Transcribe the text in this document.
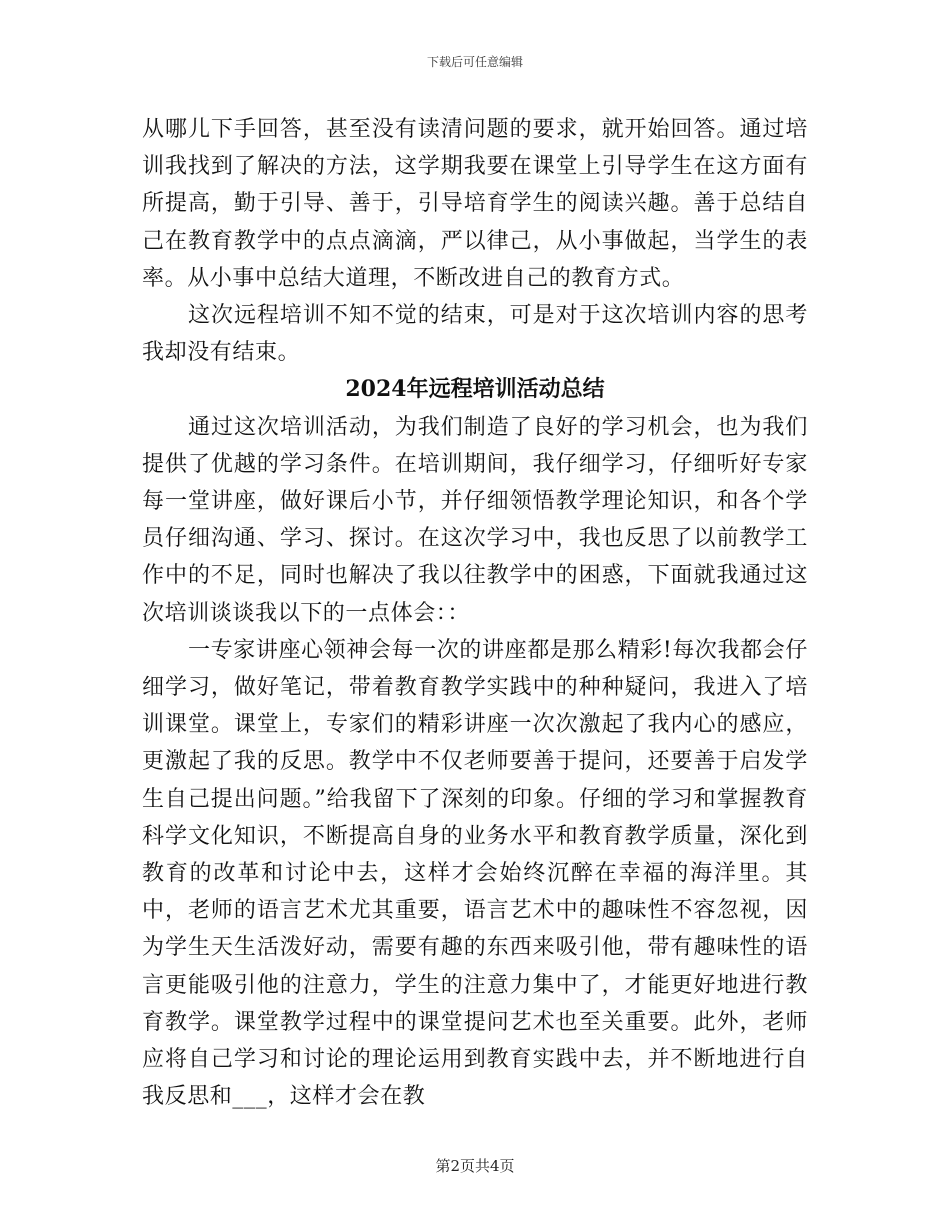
下载后可任意编辑

从哪儿下手回答，甚至没有读清问题的要求，就开始回答。通过培训我找到了解决的方法，这学期我要在课堂上引导学生在这方面有所提高，勤于引导、善于，引导培育学生的阅读兴趣。善于总结自己在教育教学中的点点滴滴，严以律己，从小事做起，当学生的表率。从小事中总结大道理，不断改进自己的教育方式。

这次远程培训不知不觉的结束，可是对于这次培训内容的思考我却没有结束。

2024年远程培训活动总结

通过这次培训活动，为我们制造了良好的学习机会，也为我们提供了优越的学习条件。在培训期间，我仔细学习，仔细听好专家每一堂讲座，做好课后小节，并仔细领悟教学理论知识，和各个学员仔细沟通、学习、探讨。在这次学习中，我也反思了以前教学工作中的不足，同时也解决了我以往教学中的困惑，下面就我通过这次培训谈谈我以下的一点体会：：

一专家讲座心领神会每一次的讲座都是那么精彩!每次我都会仔细学习，做好笔记，带着教育教学实践中的种种疑问，我进入了培训课堂。课堂上，专家们的精彩讲座一次次激起了我内心的感应，更激起了我的反思。教学中不仅老师要善于提问，还要善于启发学生自己提出问题。”给我留下了深刻的印象。仔细的学习和掌握教育科学文化知识，不断提高自身的业务水平和教育教学质量，深化到教育的改革和讨论中去，这样才会始终沉醉在幸福的海洋里。其中，老师的语言艺术尤其重要，语言艺术中的趣味性不容忽视，因为学生天生活泼好动，需要有趣的东西来吸引他，带有趣味性的语言更能吸引他的注意力，学生的注意力集中了，才能更好地进行教育教学。课堂教学过程中的课堂提问艺术也至关重要。此外，老师应将自己学习和讨论的理论运用到教育实践中去，并不断地进行自我反思和___，这样才会在教

第2页共4页
